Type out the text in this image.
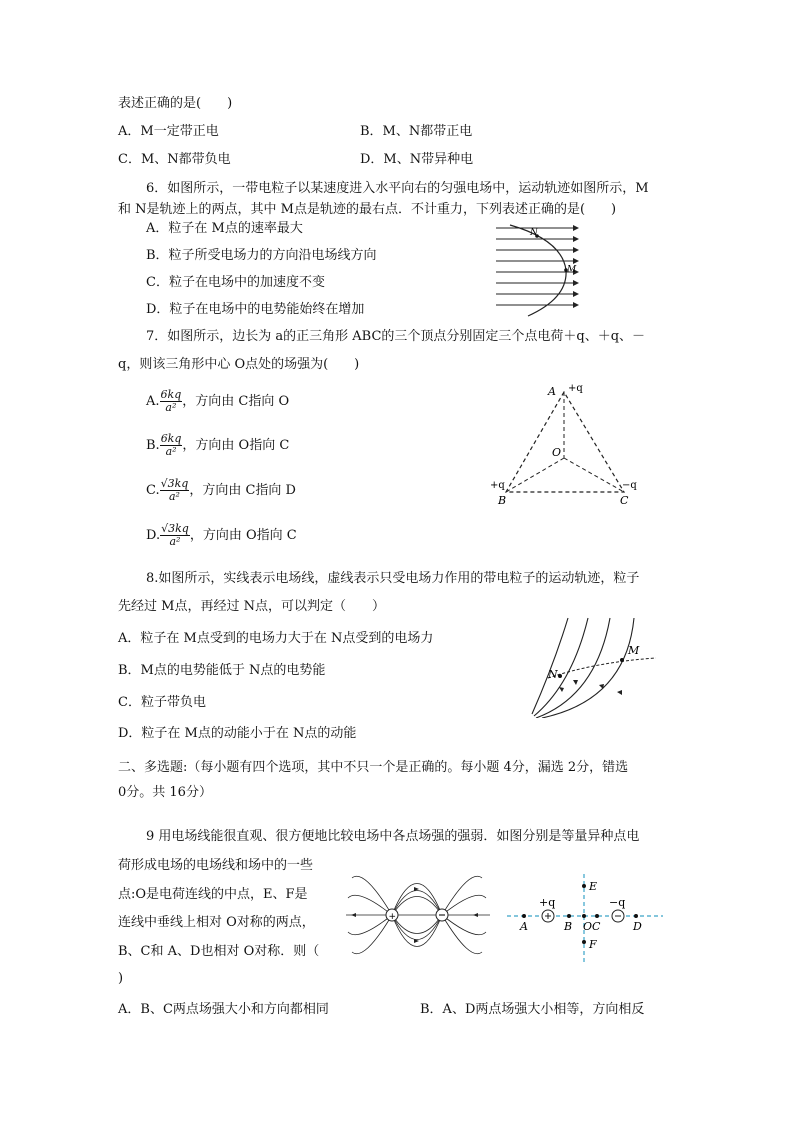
表述正确的是(　　)
A．M一定带正电	B．M、N都带正电
C．M、N都带负电	D．M、N带异种电
6．如图所示，一带电粒子以某速度进入水平向右的匀强电场中，运动轨迹如图所示，M
和 N是轨迹上的两点，其中 M点是轨迹的最右点．不计重力，下列表述正确的是(　　)
A．粒子在 M点的速率最大
B．粒子所受电场力的方向沿电场线方向
C．粒子在电场中的加速度不变
D．粒子在电场中的电势能始终在增加
N
M
7．如图所示，边长为 a的正三角形 ABC的三个顶点分别固定三个点电荷＋q、＋q、－
q，则该三角形中心 O点处的场强为(　　)
A. $\frac{6kq}{\text{a²}}$ ，方向由 C指向 O
B. $\frac{6kq}{\text{a²}}$ ，方向由 O指向 C
C. $\frac{√3kq}{\text{a²}}$ ，方向由 C指向 D
D. $\frac{√3kq}{\text{a²}}$ ，方向由 O指向 C
A +q
O
+q
B
−q
C
8.如图所示，实线表示电场线，虚线表示只受电场力作用的带电粒子的运动轨迹，粒子
先经过 M点，再经过 N点，可以判定（　　）
A．粒子在 M点受到的电场力大于在 N点受到的电场力
B．M点的电势能低于 N点的电势能
C．粒子带负电
D．粒子在 M点的动能小于在 N点的动能
N
M
二、多选题:（每小题有四个选项，其中不只一个是正确的。每小题 4分，漏选 2分，错选
0分。共 16分）
9 用电场线能很直观、很方便地比较电场中各点场强的强弱．如图分别是等量异种点电
荷形成电场的电场线和场中的一些
点:O是电荷连线的中点，E、F是
连线中垂线上相对 O对称的两点，
B、C和 A、D也相对 O对称．则（
)
A．B、C两点场强大小和方向都相同	B．A、D两点场强大小相等，方向相反
+
+q	−q
A	B OC	D
E
F
